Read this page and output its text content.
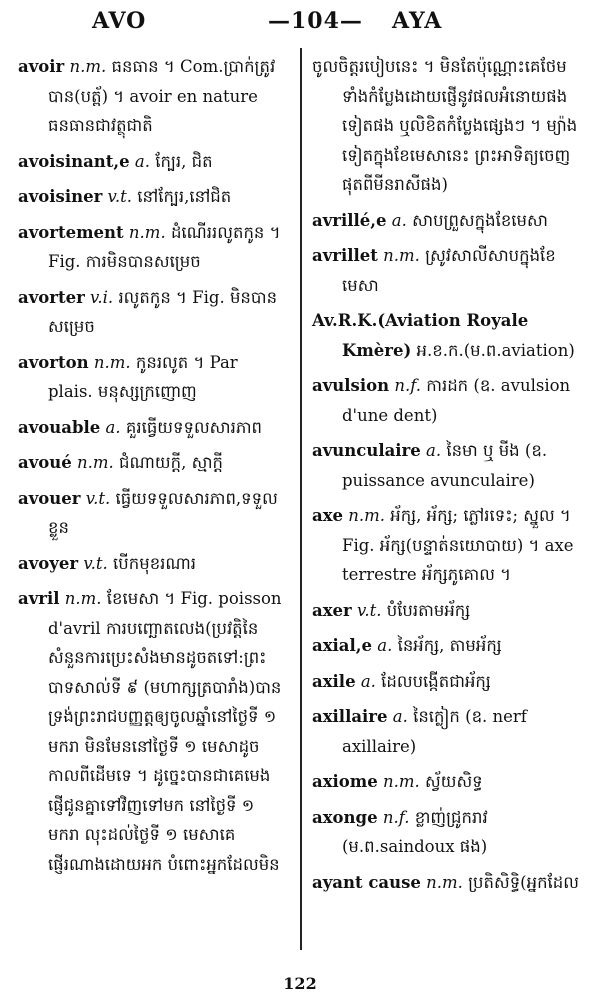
AVO	—104— AYA

avoir n.m. ធនធាន ។ Com.ប្រាក់ត្រូវបាន(បត្ព័) ។ avoir en nature ធនធានជាវត្ថុជាតិ

avoisinant,e a. ក្បែរ, ជិត

avoisiner v.t. នៅក្បែរ,នៅជិត

avortement n.m. ដំណើររលូតកូន ។ Fig. ការមិនបានសម្រេច

avorter v.i. រលូតកូន ។ Fig. មិនបានសម្រេច

avorton n.m. កូនរលូត ។ Par plais. មនុស្សក្រញោញ

avouable a. គួរធ្វើយទទួលសារភាព

avoué n.m. ជំណាយក្ដី, ស្មាក្ដី

avouer v.t. ធ្វើយទទួលសារភាព,ទទួលខ្លួន

avoyer v.t. បើកមុខរណារ

avril n.m. ខែមេសា ។ Fig. poisson d'avril ការបញ្ឆោតលេង(ប្រវត្តិនៃសំនួនការប្រេះសំងមានដូចតទៅ:ព្រះបាទសាល់ទី ៩ (មហាក្សត្របារាំង)បានទ្រង់ព្រះរាជបញ្ញត្តឲ្យចូលឆ្នាំនៅថ្ងៃទី ១ មករា មិនមែននៅថ្ងៃទី ១ មេសាដូចកាលពីដើមទេ ។ ដូច្នេះបានជាគេមេងផ្ញើជូនគ្នាទៅវិញទៅមក នៅថ្ងៃទី ១ មករា លុះដល់ថ្ងៃទី ១ មេសាគេផ្ញើរណាងដោយអក បំពោះអ្នកដែលមិន

ចូលចិត្តរបៀបនេះ ។ មិនតែប៉ុណ្ណោះគេថែមទាំងកំប្លែងដោយផ្ញើនូវផលអំនោយផងទៀតផង ឬលិខិតកំប្លែងផ្សេងៗ ។ ម្យ៉ាងទៀតក្នុងខែមេសានេះ ព្រះអាទិត្យចេញផុតពីមីនរាសីផង)

avrillé,e a. សាបព្រួសក្នុងខែមេសា

avrillet n.m. ស្រូវសាលីសាបក្នុងខែមេសា

Av.R.K.(Aviation Royale Kmère) អ.ខ.ក.(ម.ព.aviation)

avulsion n.f. ការដក (ឧ. avulsion d'une dent)

avunculaire a. នៃមា ឬ មីង (ឧ. puissance avunculaire)

axe n.m. អ័ក្ស, អ័ក្ស; ភ្លៅរទេះ; ស្នួល ។ Fig. អ័ក្ស(បន្ទាត់នយោបាយ) ។ axe terrestre អ័ក្សភូគោល ។

axer v.t. បំបែរតាមអ័ក្ស

axial,e a. នៃអ័ក្ស, តាមអ័ក្ស

axile a. ដែលបង្កើតជាអ័ក្ស

axillaire a. នៃក្លៀក (ឧ. nerf axillaire)

axiome n.m. ស្វ័យសិទ្ធ

axonge n.f. ខ្លាញ់ជ្រូករាវ (ម.ព.saindoux ផង)

ayant cause n.m. ប្រតិសិទ្ធិ(អ្នកដែល

122
